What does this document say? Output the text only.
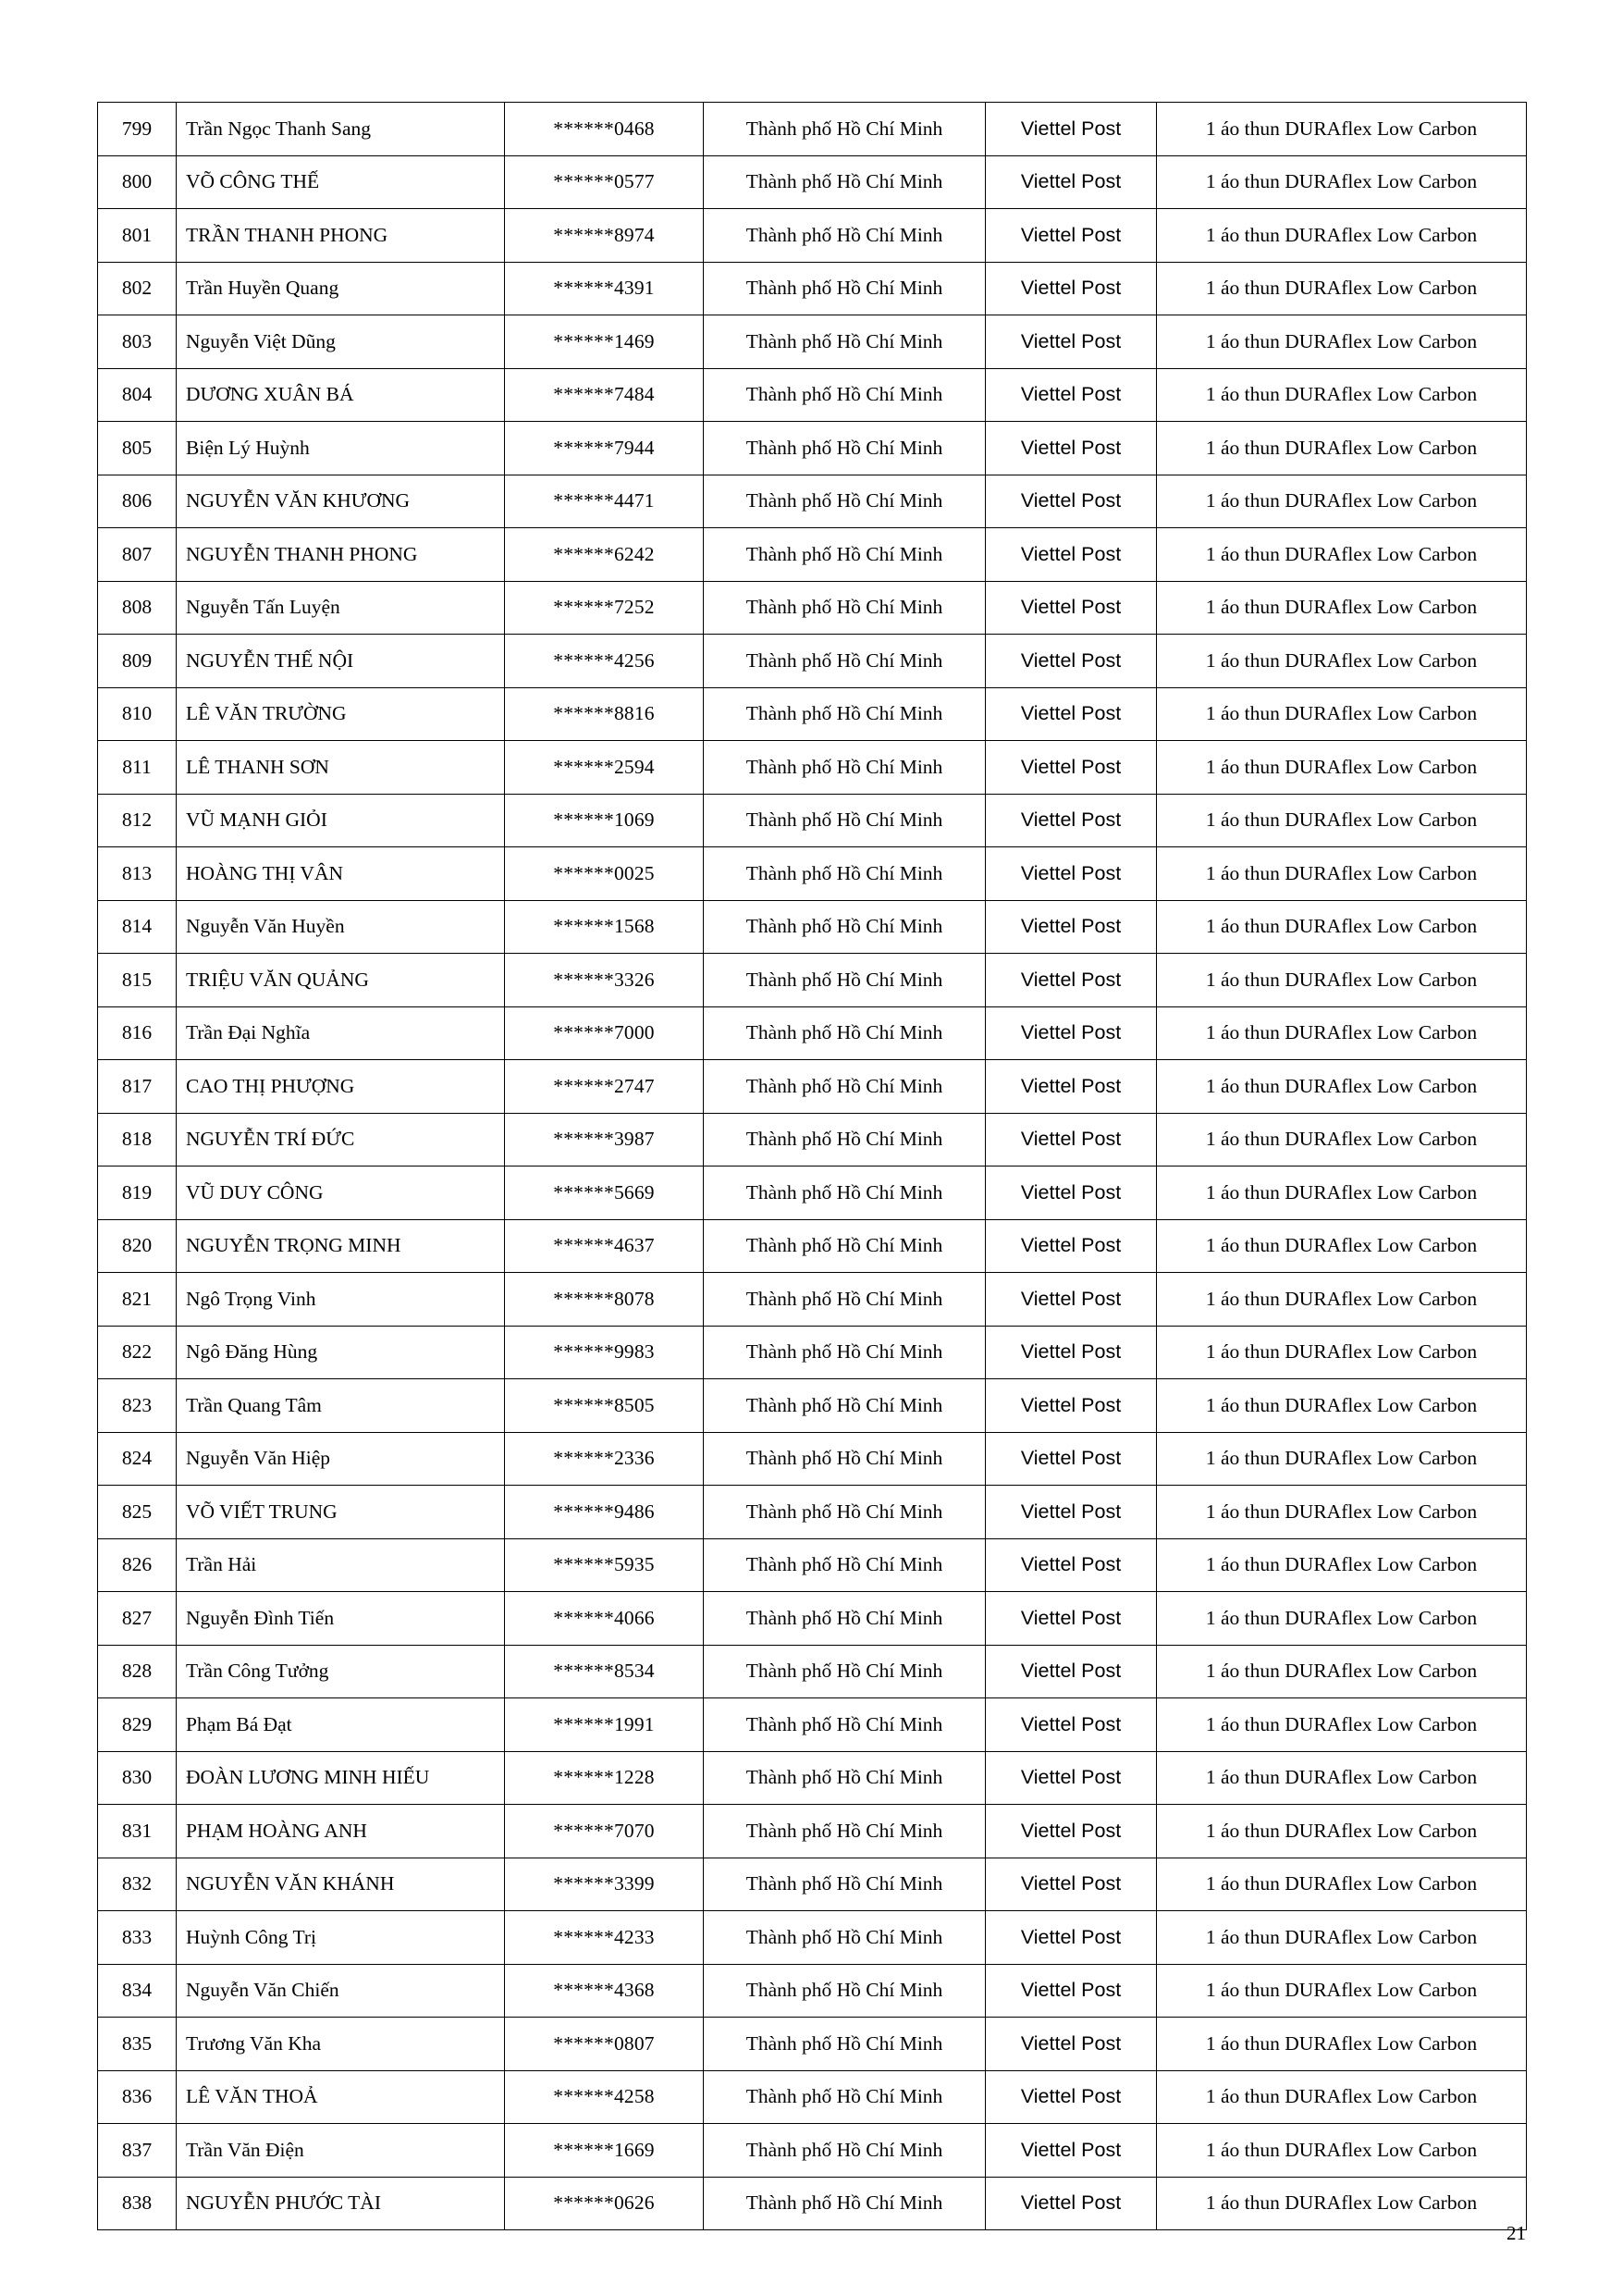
799	Trần Ngọc Thanh Sang	******0468	Thành phố Hồ Chí Minh	Viettel Post	1 áo thun DURAflex Low Carbon
800	VÕ CÔNG THẾ	******0577	Thành phố Hồ Chí Minh	Viettel Post	1 áo thun DURAflex Low Carbon
801	TRẦN THANH PHONG	******8974	Thành phố Hồ Chí Minh	Viettel Post	1 áo thun DURAflex Low Carbon
802	Trần Huyền Quang	******4391	Thành phố Hồ Chí Minh	Viettel Post	1 áo thun DURAflex Low Carbon
803	Nguyễn Việt Dũng	******1469	Thành phố Hồ Chí Minh	Viettel Post	1 áo thun DURAflex Low Carbon
804	DƯƠNG XUÂN BÁ	******7484	Thành phố Hồ Chí Minh	Viettel Post	1 áo thun DURAflex Low Carbon
805	Biện Lý Huỳnh	******7944	Thành phố Hồ Chí Minh	Viettel Post	1 áo thun DURAflex Low Carbon
806	NGUYỄN VĂN KHƯƠNG	******4471	Thành phố Hồ Chí Minh	Viettel Post	1 áo thun DURAflex Low Carbon
807	NGUYỄN THANH PHONG	******6242	Thành phố Hồ Chí Minh	Viettel Post	1 áo thun DURAflex Low Carbon
808	Nguyễn Tấn Luyện	******7252	Thành phố Hồ Chí Minh	Viettel Post	1 áo thun DURAflex Low Carbon
809	NGUYỄN THẾ NỘI	******4256	Thành phố Hồ Chí Minh	Viettel Post	1 áo thun DURAflex Low Carbon
810	LÊ VĂN TRƯỜNG	******8816	Thành phố Hồ Chí Minh	Viettel Post	1 áo thun DURAflex Low Carbon
811	LÊ THANH SƠN	******2594	Thành phố Hồ Chí Minh	Viettel Post	1 áo thun DURAflex Low Carbon
812	VŨ MẠNH GIỎI	******1069	Thành phố Hồ Chí Minh	Viettel Post	1 áo thun DURAflex Low Carbon
813	HOÀNG THỊ VÂN	******0025	Thành phố Hồ Chí Minh	Viettel Post	1 áo thun DURAflex Low Carbon
814	Nguyễn Văn Huyền	******1568	Thành phố Hồ Chí Minh	Viettel Post	1 áo thun DURAflex Low Carbon
815	TRIỆU VĂN QUẢNG	******3326	Thành phố Hồ Chí Minh	Viettel Post	1 áo thun DURAflex Low Carbon
816	Trần Đại Nghĩa	******7000	Thành phố Hồ Chí Minh	Viettel Post	1 áo thun DURAflex Low Carbon
817	CAO THỊ PHƯỢNG	******2747	Thành phố Hồ Chí Minh	Viettel Post	1 áo thun DURAflex Low Carbon
818	NGUYỄN TRÍ ĐỨC	******3987	Thành phố Hồ Chí Minh	Viettel Post	1 áo thun DURAflex Low Carbon
819	VŨ DUY CÔNG	******5669	Thành phố Hồ Chí Minh	Viettel Post	1 áo thun DURAflex Low Carbon
820	NGUYỄN TRỌNG MINH	******4637	Thành phố Hồ Chí Minh	Viettel Post	1 áo thun DURAflex Low Carbon
821	Ngô Trọng Vinh	******8078	Thành phố Hồ Chí Minh	Viettel Post	1 áo thun DURAflex Low Carbon
822	Ngô Đăng Hùng	******9983	Thành phố Hồ Chí Minh	Viettel Post	1 áo thun DURAflex Low Carbon
823	Trần Quang Tâm	******8505	Thành phố Hồ Chí Minh	Viettel Post	1 áo thun DURAflex Low Carbon
824	Nguyễn Văn Hiệp	******2336	Thành phố Hồ Chí Minh	Viettel Post	1 áo thun DURAflex Low Carbon
825	VÕ VIẾT TRUNG	******9486	Thành phố Hồ Chí Minh	Viettel Post	1 áo thun DURAflex Low Carbon
826	Trần Hải	******5935	Thành phố Hồ Chí Minh	Viettel Post	1 áo thun DURAflex Low Carbon
827	Nguyễn Đình Tiến	******4066	Thành phố Hồ Chí Minh	Viettel Post	1 áo thun DURAflex Low Carbon
828	Trần Công Tưởng	******8534	Thành phố Hồ Chí Minh	Viettel Post	1 áo thun DURAflex Low Carbon
829	Phạm Bá Đạt	******1991	Thành phố Hồ Chí Minh	Viettel Post	1 áo thun DURAflex Low Carbon
830	ĐOÀN LƯƠNG MINH HIẾU	******1228	Thành phố Hồ Chí Minh	Viettel Post	1 áo thun DURAflex Low Carbon
831	PHẠM HOÀNG ANH	******7070	Thành phố Hồ Chí Minh	Viettel Post	1 áo thun DURAflex Low Carbon
832	NGUYỄN VĂN KHÁNH	******3399	Thành phố Hồ Chí Minh	Viettel Post	1 áo thun DURAflex Low Carbon
833	Huỳnh Công Trị	******4233	Thành phố Hồ Chí Minh	Viettel Post	1 áo thun DURAflex Low Carbon
834	Nguyễn Văn Chiến	******4368	Thành phố Hồ Chí Minh	Viettel Post	1 áo thun DURAflex Low Carbon
835	Trương Văn Kha	******0807	Thành phố Hồ Chí Minh	Viettel Post	1 áo thun DURAflex Low Carbon
836	LÊ VĂN THOẢ	******4258	Thành phố Hồ Chí Minh	Viettel Post	1 áo thun DURAflex Low Carbon
837	Trần Văn Điện	******1669	Thành phố Hồ Chí Minh	Viettel Post	1 áo thun DURAflex Low Carbon
838	NGUYỄN PHƯỚC TÀI	******0626	Thành phố Hồ Chí Minh	Viettel Post	1 áo thun DURAflex Low Carbon
21
